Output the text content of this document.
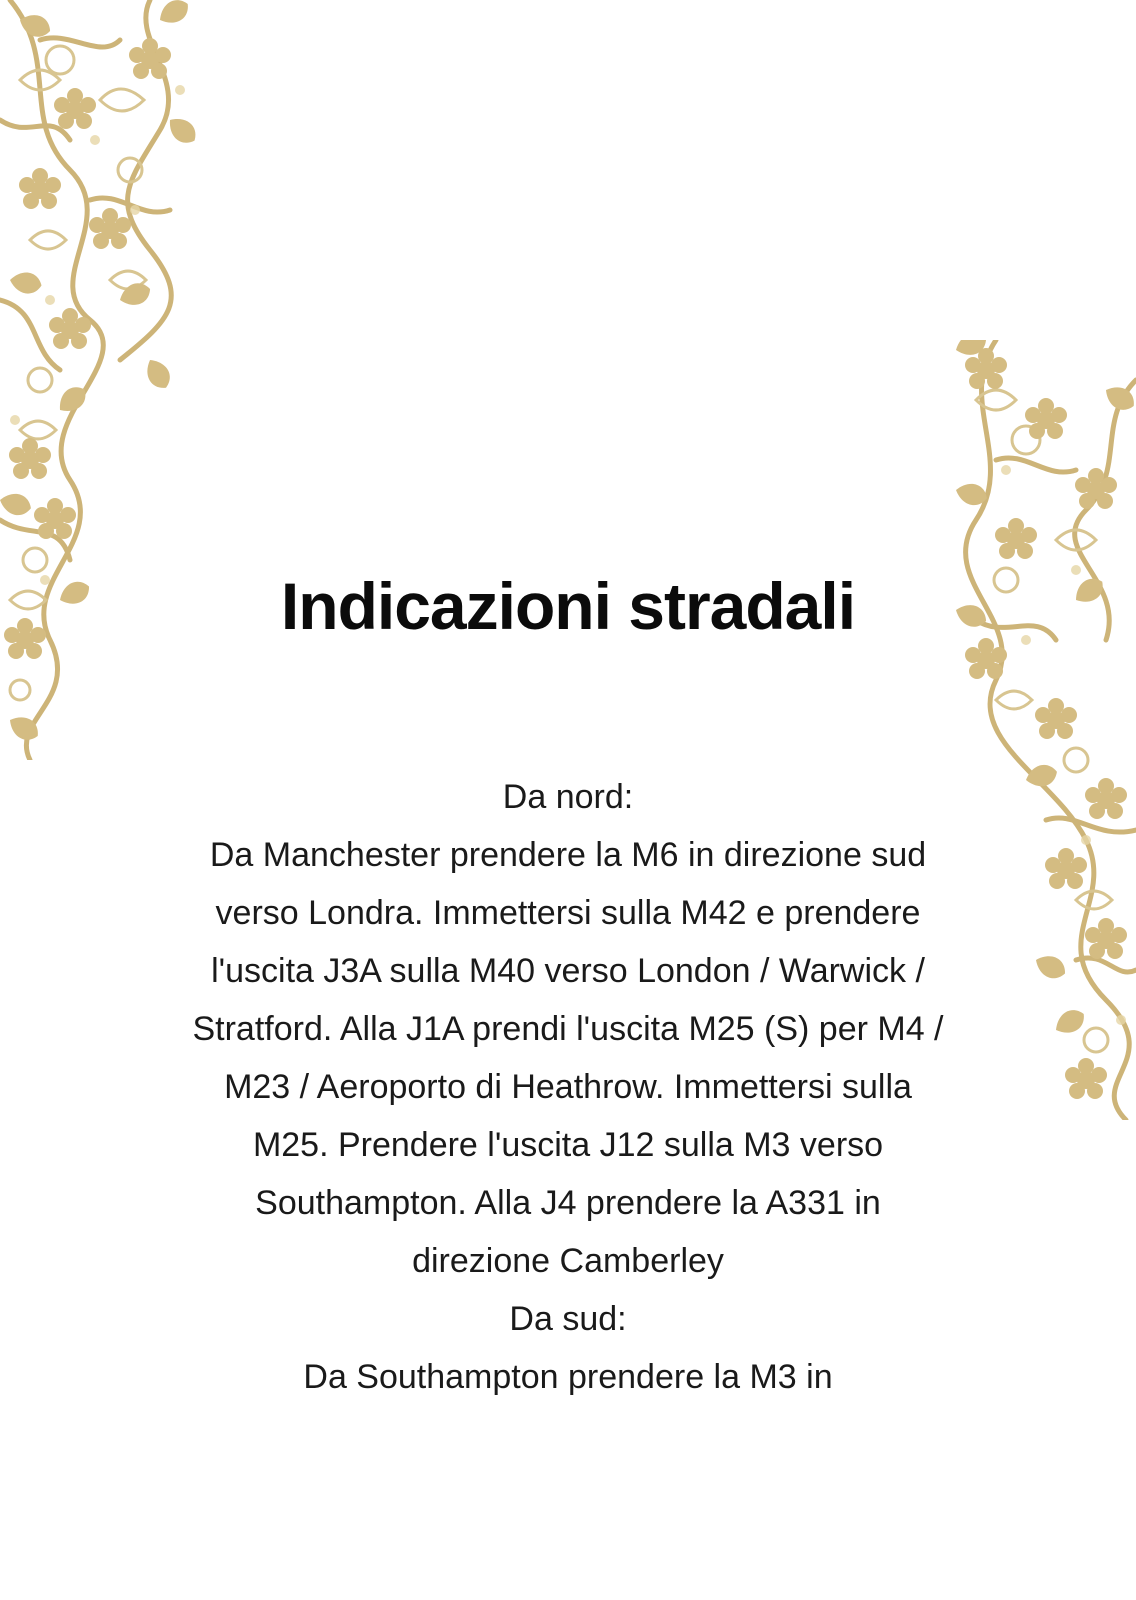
Indicazioni stradali

Da nord:

Da Manchester prendere la M6 in direzione sud verso Londra. Immettersi sulla M42 e prendere l'uscita J3A sulla M40 verso London / Warwick / Stratford. Alla J1A prendi l'uscita M25 (S) per M4 / M23 / Aeroporto di Heathrow. Immettersi sulla M25. Prendere l'uscita J12 sulla M3 verso Southampton. Alla J4 prendere la A331 in direzione Camberley

Da sud:

Da Southampton prendere la M3 in
